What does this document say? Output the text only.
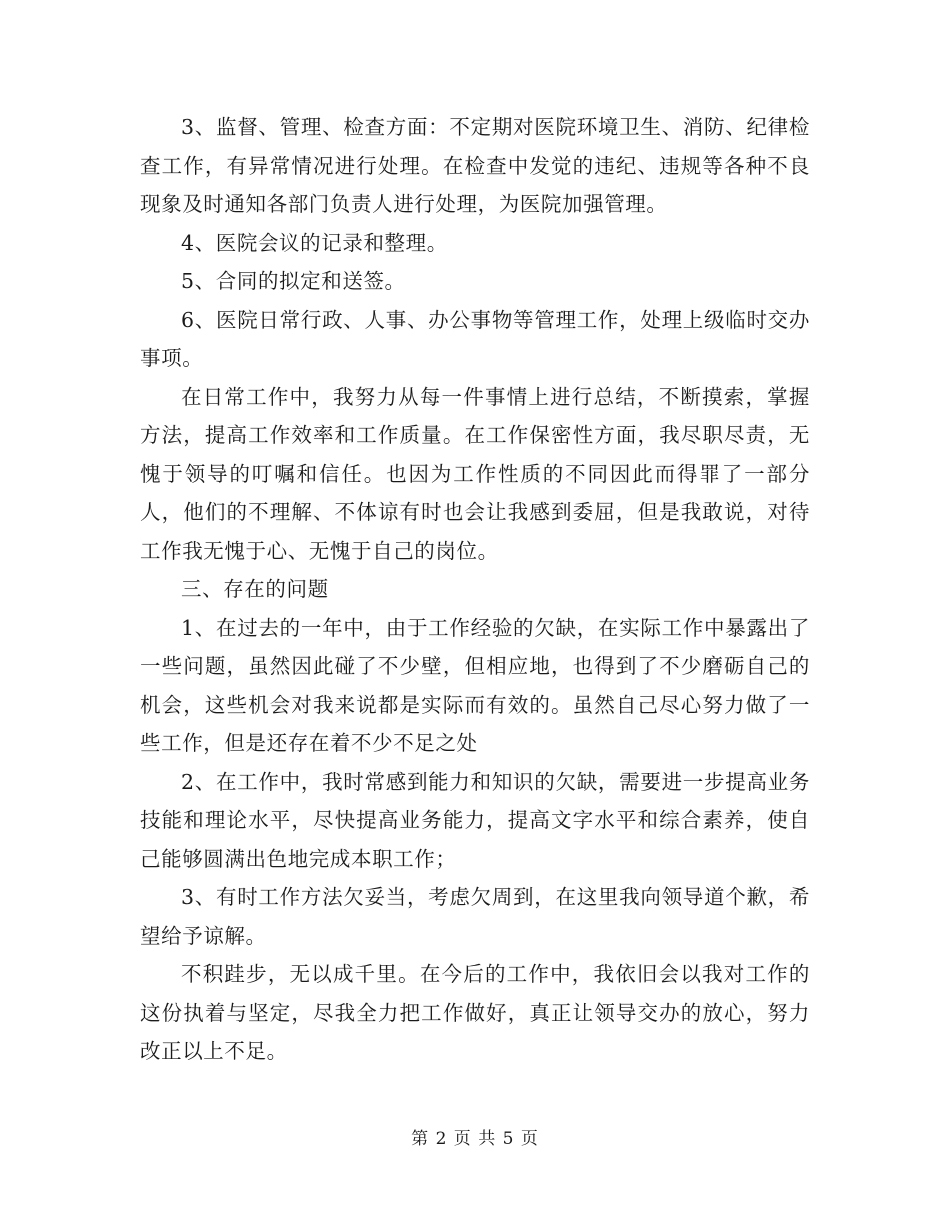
3、监督、管理、检查方面：不定期对医院环境卫生、消防、纪律检查工作，有异常情况进行处理。在检查中发觉的违纪、违规等各种不良现象及时通知各部门负责人进行处理，为医院加强管理。

4、医院会议的记录和整理。

5、合同的拟定和送签。

6、医院日常行政、人事、办公事物等管理工作，处理上级临时交办事项。

在日常工作中，我努力从每一件事情上进行总结，不断摸索，掌握方法，提高工作效率和工作质量。在工作保密性方面，我尽职尽责，无愧于领导的叮嘱和信任。也因为工作性质的不同因此而得罪了一部分人，他们的不理解、不体谅有时也会让我感到委屈，但是我敢说，对待工作我无愧于心、无愧于自己的岗位。

三、存在的问题

1、在过去的一年中，由于工作经验的欠缺，在实际工作中暴露出了一些问题，虽然因此碰了不少壁，但相应地，也得到了不少磨砺自己的机会，这些机会对我来说都是实际而有效的。虽然自己尽心努力做了一些工作，但是还存在着不少不足之处

2、在工作中，我时常感到能力和知识的欠缺，需要进一步提高业务技能和理论水平，尽快提高业务能力，提高文字水平和综合素养，使自己能够圆满出色地完成本职工作；

3、有时工作方法欠妥当，考虑欠周到，在这里我向领导道个歉，希望给予谅解。

不积跬步，无以成千里。在今后的工作中，我依旧会以我对工作的这份执着与坚定，尽我全力把工作做好，真正让领导交办的放心，努力改正以上不足。

第 2 页 共 5 页
